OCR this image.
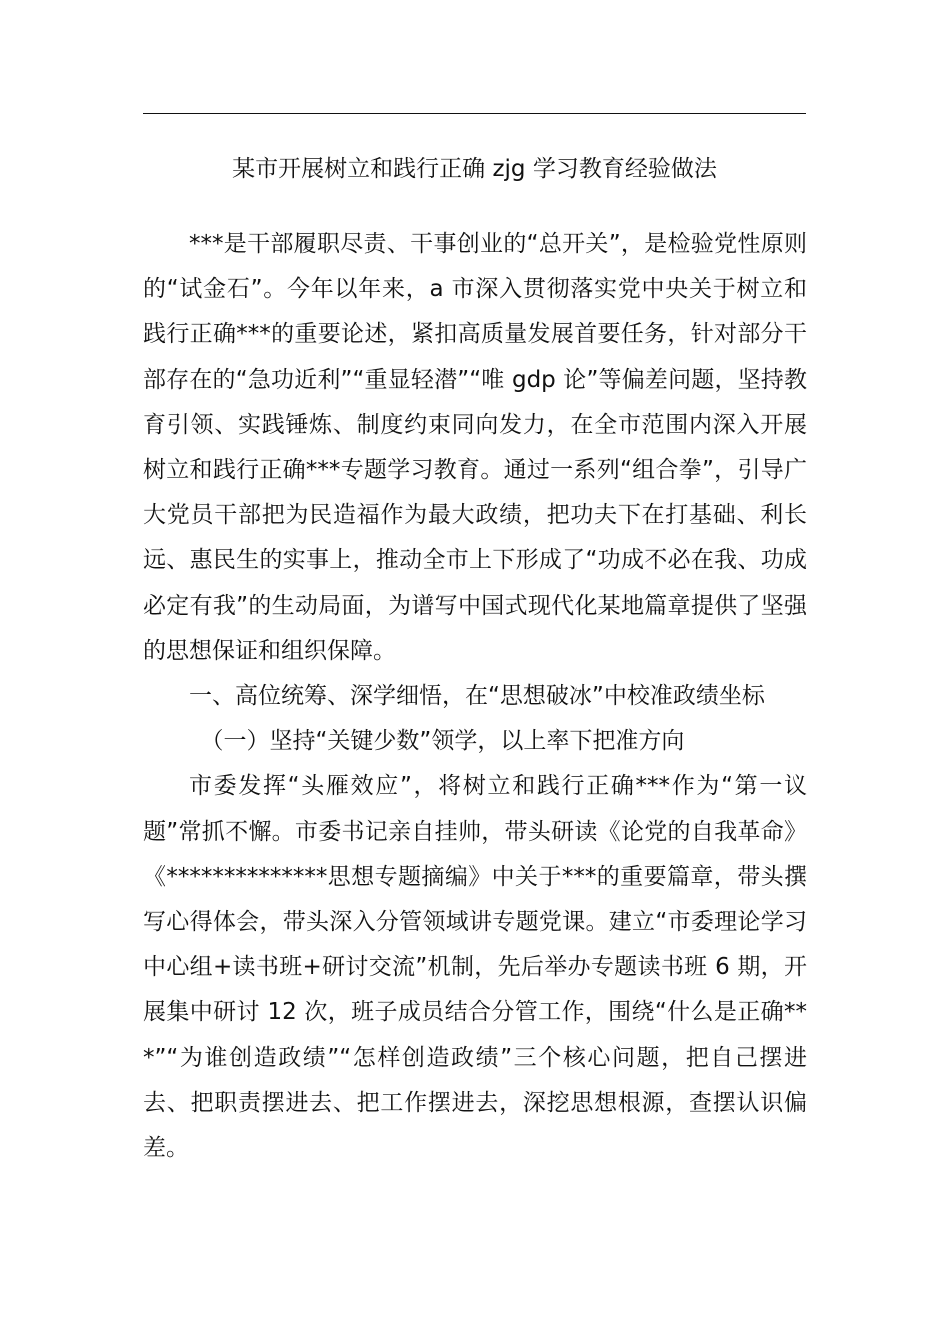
某市开展树立和践行正确 zjg 学习教育经验做法

***是干部履职尽责、干事创业的“总开关”，是检验党性原则的“试金石”。今年以年来，a 市深入贯彻落实党中央关于树立和践行正确***的重要论述，紧扣高质量发展首要任务，针对部分干部存在的“急功近利”“重显轻潜”“唯 gdp 论”等偏差问题，坚持教育引领、实践锤炼、制度约束同向发力，在全市范围内深入开展树立和践行正确***专题学习教育。通过一系列“组合拳”，引导广大党员干部把为民造福作为最大政绩，把功夫下在打基础、利长远、惠民生的实事上，推动全市上下形成了“功成不必在我、功成必定有我”的生动局面，为谱写中国式现代化某地篇章提供了坚强的思想保证和组织保障。

一、高位统筹、深学细悟，在“思想破冰”中校准政绩坐标

（一）坚持“关键少数”领学，以上率下把准方向

市委发挥“头雁效应”，将树立和践行正确***作为“第一议题”常抓不懈。市委书记亲自挂帅，带头研读《论党的自我革命》《**************思想专题摘编》中关于***的重要篇章，带头撰写心得体会，带头深入分管领域讲专题党课。建立“市委理论学习中心组+读书班+研讨交流”机制，先后举办专题读书班 6 期，开展集中研讨 12 次，班子成员结合分管工作，围绕“什么是正确***”“为谁创造政绩”“怎样创造政绩”三个核心问题，把自己摆进去、把职责摆进去、把工作摆进去，深挖思想根源，查摆认识偏差。
